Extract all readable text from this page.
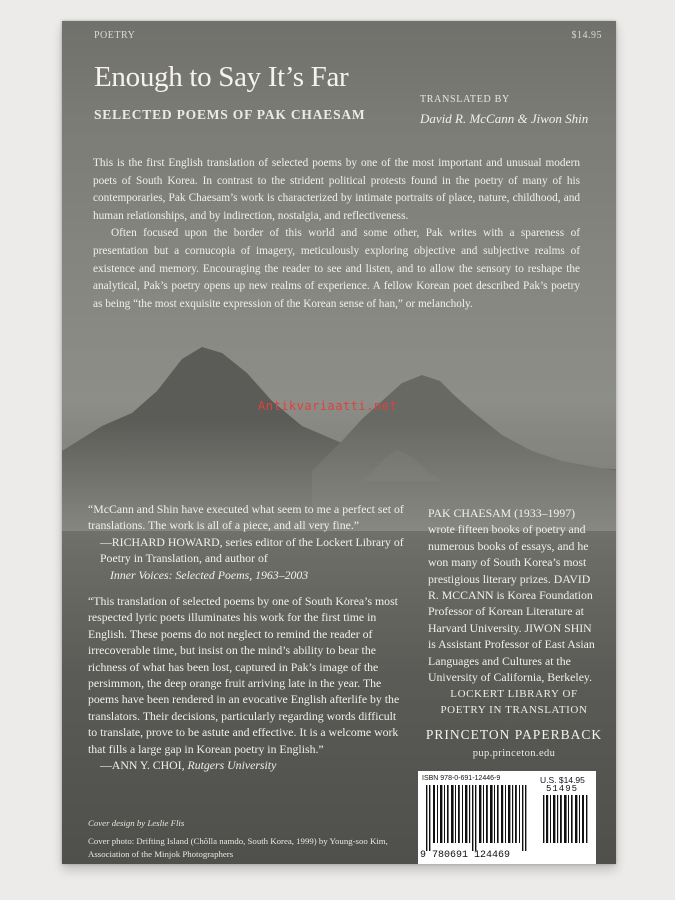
POETRY	$14.95

Enough to Say It’s Far

SELECTED POEMS OF PAK CHAESAM

TRANSLATED BY

David R. McCann & Jiwon Shin

This is the first English translation of selected poems by one of the most important and unusual modern poets of South Korea. In contrast to the strident political protests found in the poetry of many of his contemporaries, Pak Chaesam’s work is characterized by intimate portraits of place, nature, childhood, and human relationships, and by indirection, nostalgia, and reflectiveness.

Often focused upon the border of this world and some other, Pak writes with a spareness of presentation but a cornucopia of imagery, meticulously exploring objective and subjective realms of existence and memory. Encouraging the reader to see and listen, and to allow the sensory to reshape the analytical, Pak’s poetry opens up new realms of experience. A fellow Korean poet described Pak’s poetry as being “the most exquisite expression of the Korean sense of han,” or melancholy.

Antikvariaatti.net

“McCann and Shin have executed what seem to me a perfect set of translations. The work is all of a piece, and all very fine.”

—RICHARD HOWARD, series editor of the Lockert Library of Poetry in Translation, and author of

Inner Voices: Selected Poems, 1963–2003

“This translation of selected poems by one of South Korea’s most respected lyric poets illuminates his work for the first time in English. These poems do not neglect to remind the reader of irrecoverable time, but insist on the mind’s ability to bear the richness of what has been lost, captured in Pak’s image of the persimmon, the deep orange fruit arriving late in the year. The poems have been rendered in an evocative English afterlife by the translators. Their decisions, particularly regarding words difficult to translate, prove to be astute and effective. It is a welcome work that fills a large gap in Korean poetry in English.”

—ANN Y. CHOI, Rutgers University

PAK CHAESAM (1933–1997) wrote fifteen books of poetry and numerous books of essays, and he won many of South Korea’s most prestigious literary prizes. DAVID R. MCCANN is Korea Foundation Professor of Korean Literature at Harvard University. JIWON SHIN is Assistant Professor of East Asian Languages and Cultures at the University of California, Berkeley.

LOCKERT LIBRARY OF POETRY IN TRANSLATION

PRINCETON PAPERBACK

pup.princeton.edu

ISBN 978-0-691-12446-9	U.S. $14.95

51495

9 780691 124469

Cover design by Leslie Flis

Cover photo: Drifting Island (Chŏlla namdo, South Korea, 1999) by Young-soo Kim, Association of the Minjok Photographers
